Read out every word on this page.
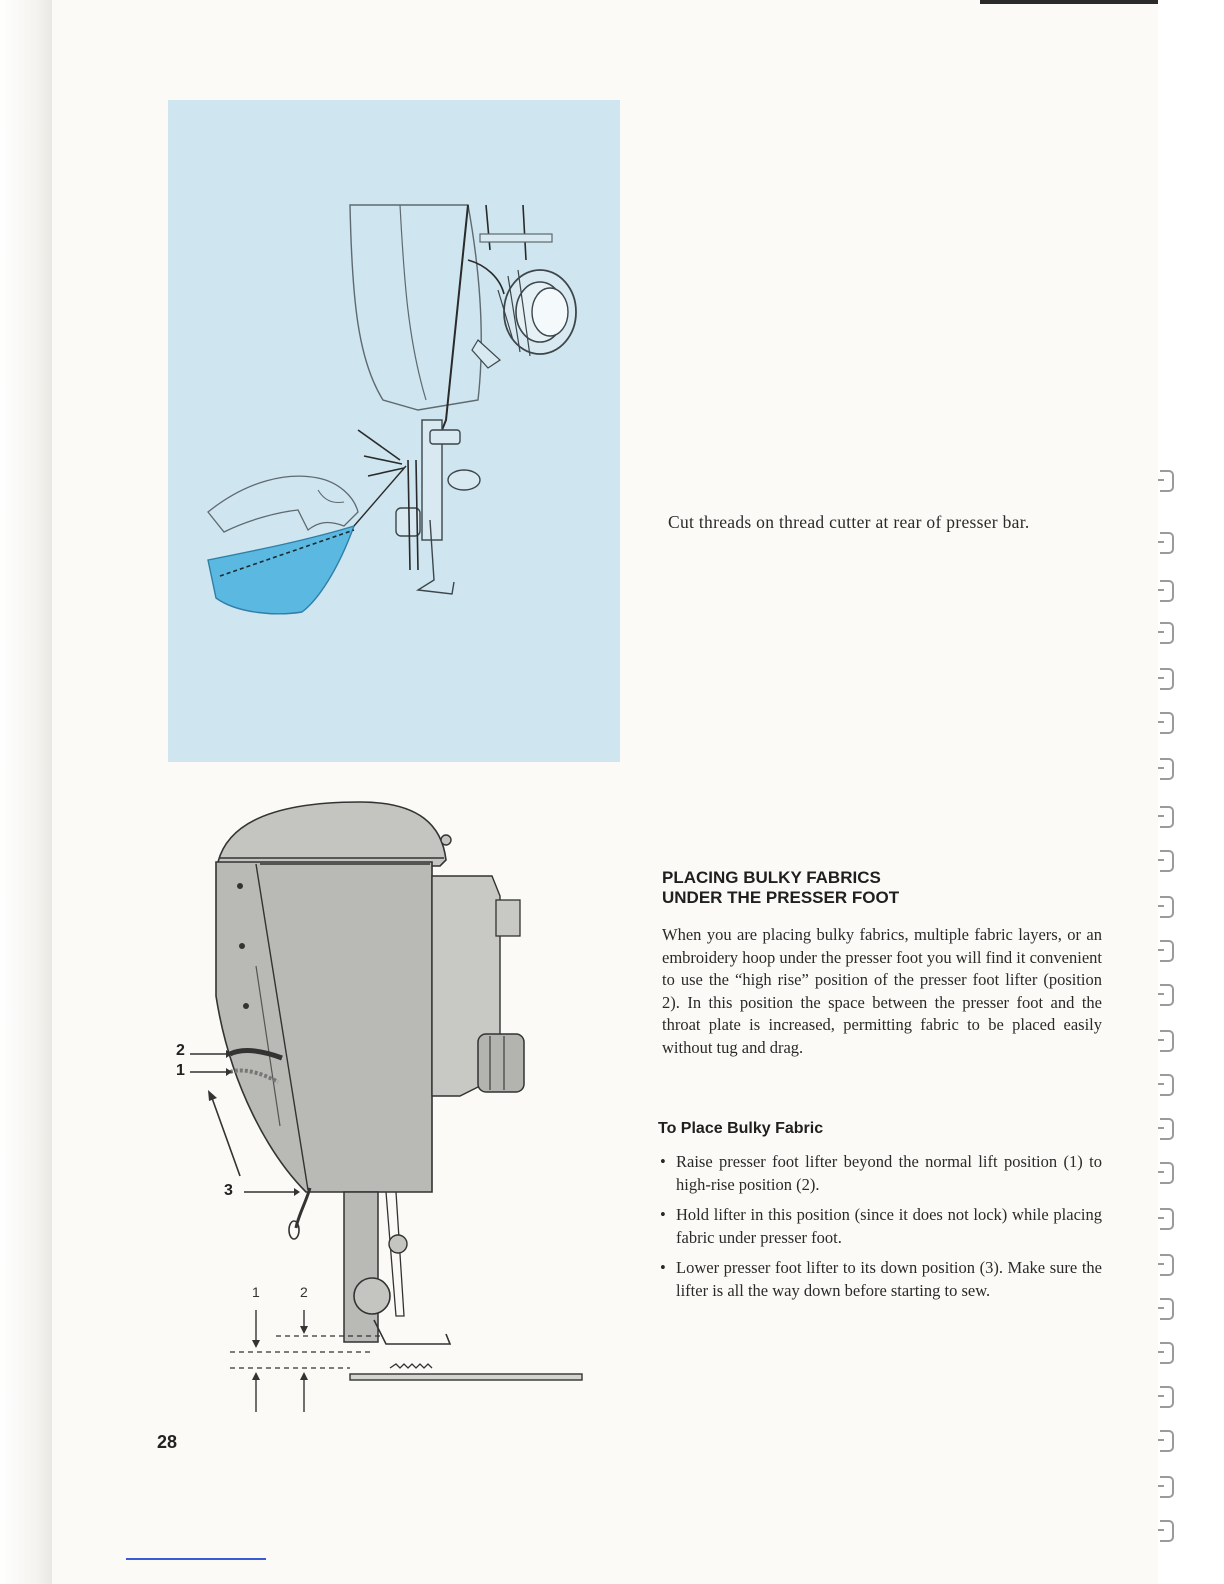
Cut threads on thread cutter at rear of presser bar.
2
1
3
1	2
PLACING BULKY FABRICS
UNDER THE PRESSER FOOT

When you are placing bulky fabrics, multiple fabric layers, or an embroidery hoop under the presser foot you will find it convenient to use the “high rise” position of the presser foot lifter (position 2). In this position the space between the presser foot and the throat plate is increased, permitting fabric to be placed easily without tug and drag.

To Place Bulky Fabric
• Raise presser foot lifter beyond the normal lift position (1) to high-rise position (2).
• Hold lifter in this position (since it does not lock) while placing fabric under presser foot.
• Lower presser foot lifter to its down position (3). Make sure the lifter is all the way down before starting to sew.
28
